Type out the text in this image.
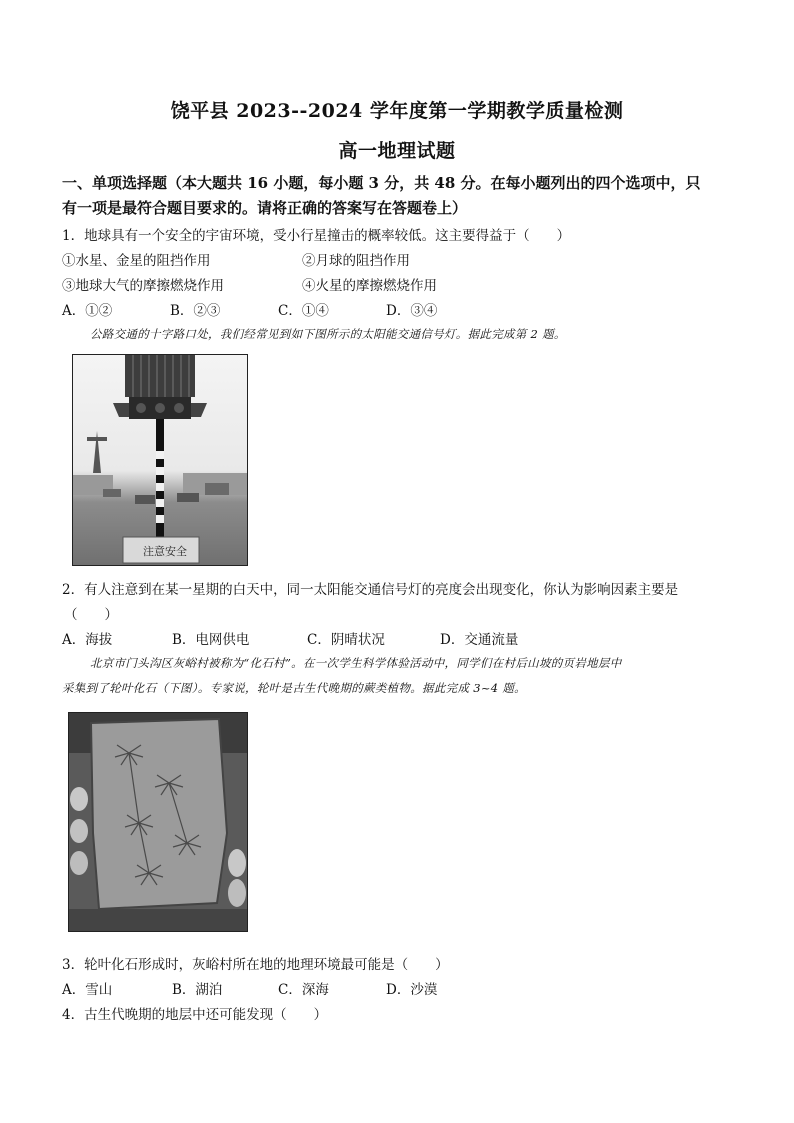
饶平县 2023--2024 学年度第一学期教学质量检测
高一地理试题
一、单项选择题（本大题共 16 小题，每小题 3 分，共 48 分。在每小题列出的四个选项中，只
有一项是最符合题目要求的。请将正确的答案写在答题卷上）
1．地球具有一个安全的宇宙环境，受小行星撞击的概率较低。这主要得益于（　　）
①水星、金星的阻挡作用	②月球的阻挡作用
③地球大气的摩擦燃烧作用	④火星的摩擦燃烧作用
A．①②	B．②③	C．①④	D．③④
公路交通的十字路口处，我们经常见到如下图所示的太阳能交通信号灯。据此完成第 2 题。
注意安全
2．有人注意到在某一星期的白天中，同一太阳能交通信号灯的亮度会出现变化，你认为影响因素主要是
（　　）
A．海拔	B．电网供电	C．阴晴状况	D．交通流量
北京市门头沟区灰峪村被称为“化石村”。在一次学生科学体验活动中，同学们在村后山坡的页岩地层中
采集到了轮叶化石（下图）。专家说，轮叶是古生代晚期的蕨类植物。据此完成 3~4 题。
3．轮叶化石形成时，灰峪村所在地的地理环境最可能是（　　）
A．雪山	B．湖泊	C．深海	D．沙漠
4．古生代晚期的地层中还可能发现（　　）
